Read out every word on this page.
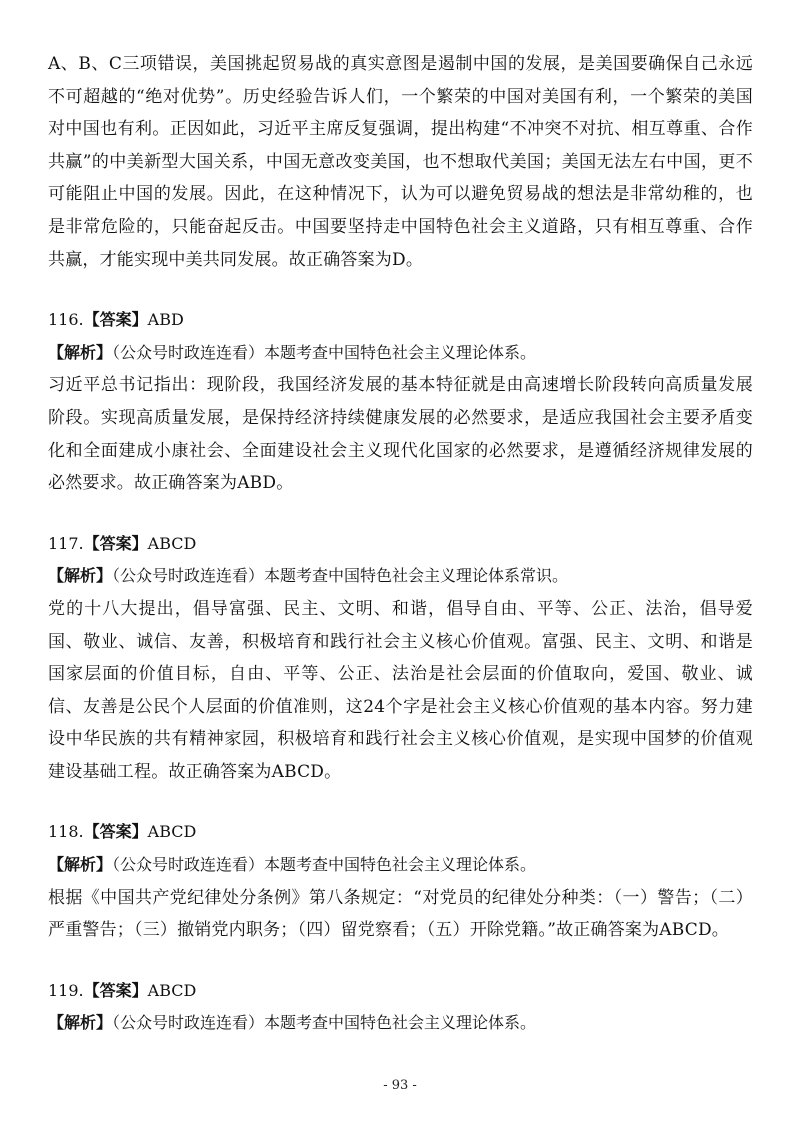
A、B、C三项错误，美国挑起贸易战的真实意图是遏制中国的发展，是美国要确保自己永远不可超越的“绝对优势”。历史经验告诉人们，一个繁荣的中国对美国有利，一个繁荣的美国对中国也有利。正因如此，习近平主席反复强调，提出构建“不冲突不对抗、相互尊重、合作共赢”的中美新型大国关系，中国无意改变美国，也不想取代美国；美国无法左右中国，更不可能阻止中国的发展。因此，在这种情况下，认为可以避免贸易战的想法是非常幼稚的，也是非常危险的，只能奋起反击。中国要坚持走中国特色社会主义道路，只有相互尊重、合作共赢，才能实现中美共同发展。故正确答案为D。

116.【答案】ABD

【解析】（公众号时政连连看）本题考查中国特色社会主义理论体系。

习近平总书记指出：现阶段，我国经济发展的基本特征就是由高速增长阶段转向高质量发展阶段。实现高质量发展，是保持经济持续健康发展的必然要求，是适应我国社会主要矛盾变化和全面建成小康社会、全面建设社会主义现代化国家的必然要求，是遵循经济规律发展的必然要求。故正确答案为ABD。

117.【答案】ABCD

【解析】（公众号时政连连看）本题考查中国特色社会主义理论体系常识。

党的十八大提出，倡导富强、民主、文明、和谐，倡导自由、平等、公正、法治，倡导爱国、敬业、诚信、友善，积极培育和践行社会主义核心价值观。富强、民主、文明、和谐是国家层面的价值目标，自由、平等、公正、法治是社会层面的价值取向，爱国、敬业、诚信、友善是公民个人层面的价值准则，这24个字是社会主义核心价值观的基本内容。努力建设中华民族的共有精神家园，积极培育和践行社会主义核心价值观，是实现中国梦的价值观建设基础工程。故正确答案为ABCD。

118.【答案】ABCD

【解析】（公众号时政连连看）本题考查中国特色社会主义理论体系。

根据《中国共产党纪律处分条例》第八条规定：“对党员的纪律处分种类：（一）警告；（二）严重警告；（三）撤销党内职务；（四）留党察看；（五）开除党籍。”故正确答案为ABCD。

119.【答案】ABCD

【解析】（公众号时政连连看）本题考查中国特色社会主义理论体系。

- 93 -
